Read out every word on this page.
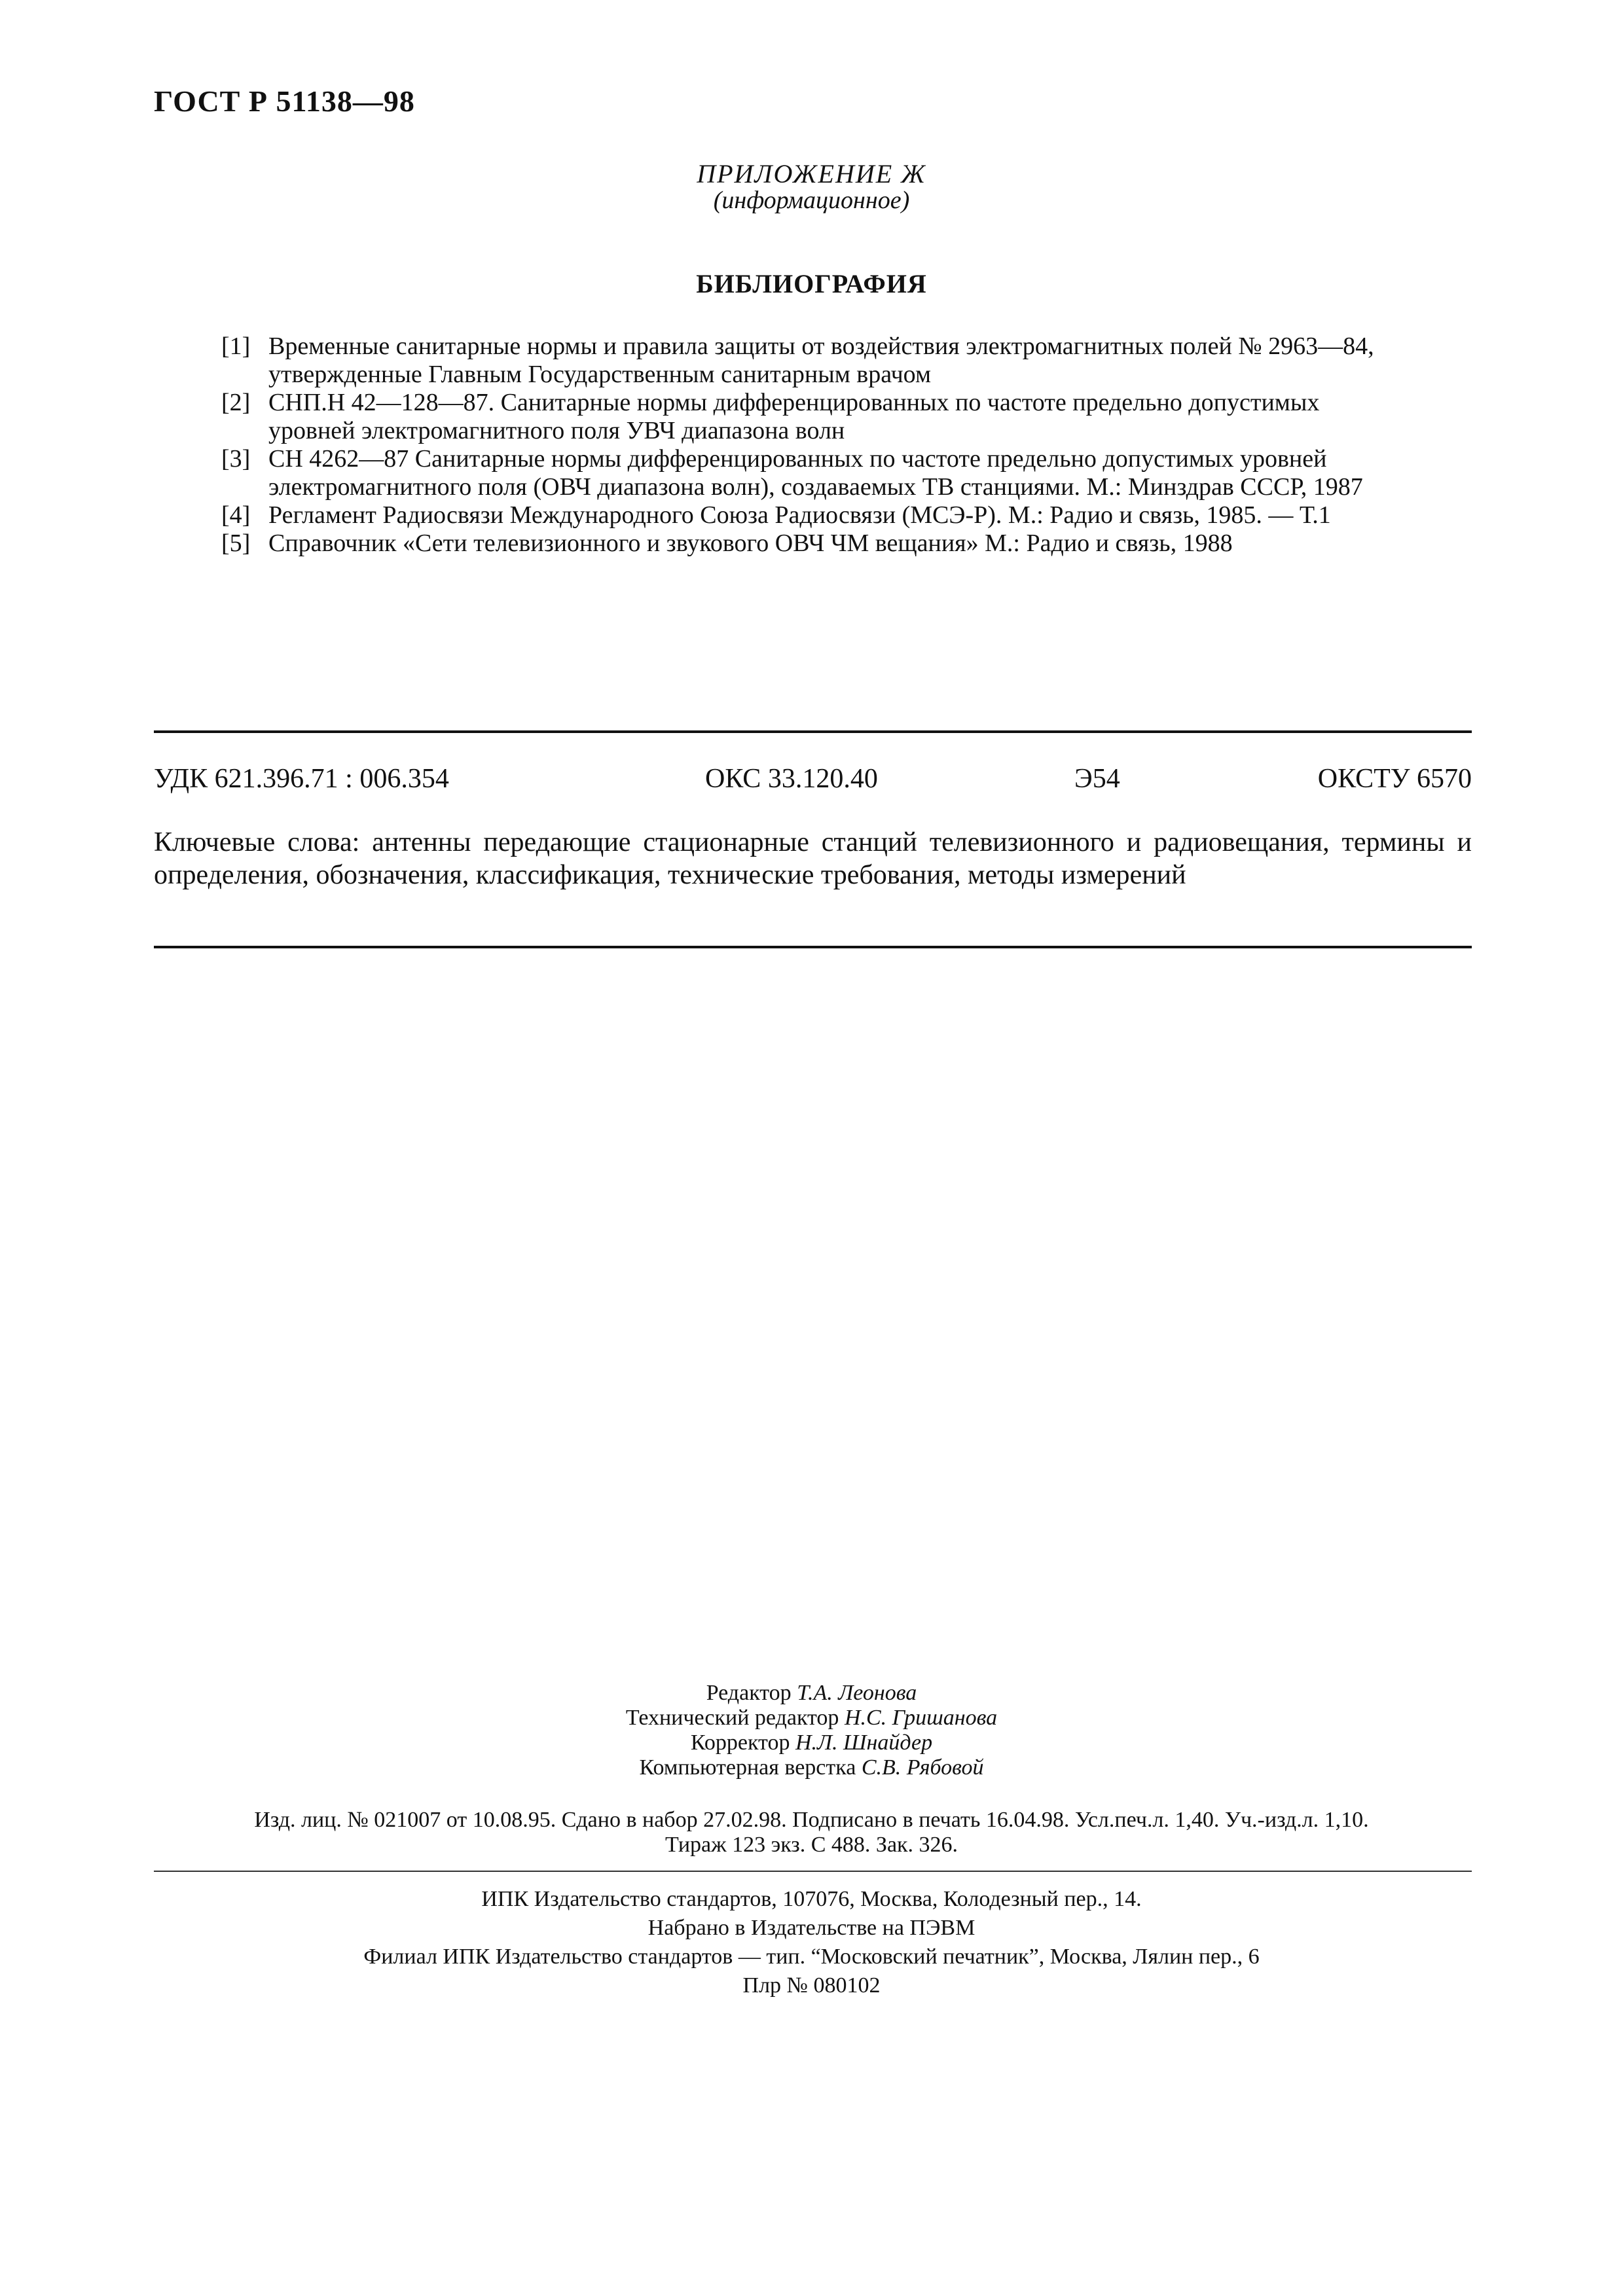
ГОСТ Р 51138—98
ПРИЛОЖЕНИЕ Ж
(информационное)
БИБЛИОГРАФИЯ
[1] Временные санитарные нормы и правила защиты от воздействия электромагнитных полей № 2963—84,
утвержденные Главным Государственным санитарным врачом
[2] СНП.Н 42—128—87. Санитарные нормы дифференцированных по частоте предельно допустимых
уровней электромагнитного поля УВЧ диапазона волн
[3] СН 4262—87 Санитарные нормы дифференцированных по частоте предельно допустимых уровней
электромагнитного поля (ОВЧ диапазона волн), создаваемых ТВ станциями. М.: Минздрав СССР, 1987
[4] Регламент Радиосвязи Международного Союза Радиосвязи (МСЭ-Р). М.: Радио и связь, 1985. — Т.1
[5] Справочник «Сети телевизионного и звукового ОВЧ ЧМ вещания» М.: Радио и связь, 1988
УДК 621.396.71 : 006.354	ОКС 33.120.40	Э54	ОКСТУ 6570
Ключевые слова: антенны передающие стационарные станций телевизионного и радиовещания, термины и определения, обозначения, классификация, технические требования, методы измерений
Редактор Т.А. Леонова
Технический редактор Н.С. Гришанова
Корректор Н.Л. Шнайдер
Компьютерная верстка С.В. Рябовой
Изд. лиц. № 021007 от 10.08.95. Сдано в набор 27.02.98. Подписано в печать 16.04.98. Усл.печ.л. 1,40. Уч.-изд.л. 1,10.
Тираж 123 экз. С 488. Зак. 326.
ИПК Издательство стандартов, 107076, Москва, Колодезный пер., 14.
Набрано в Издательстве на ПЭВМ
Филиал ИПК Издательство стандартов — тип. “Московский печатник”, Москва, Лялин пер., 6
Плр № 080102
